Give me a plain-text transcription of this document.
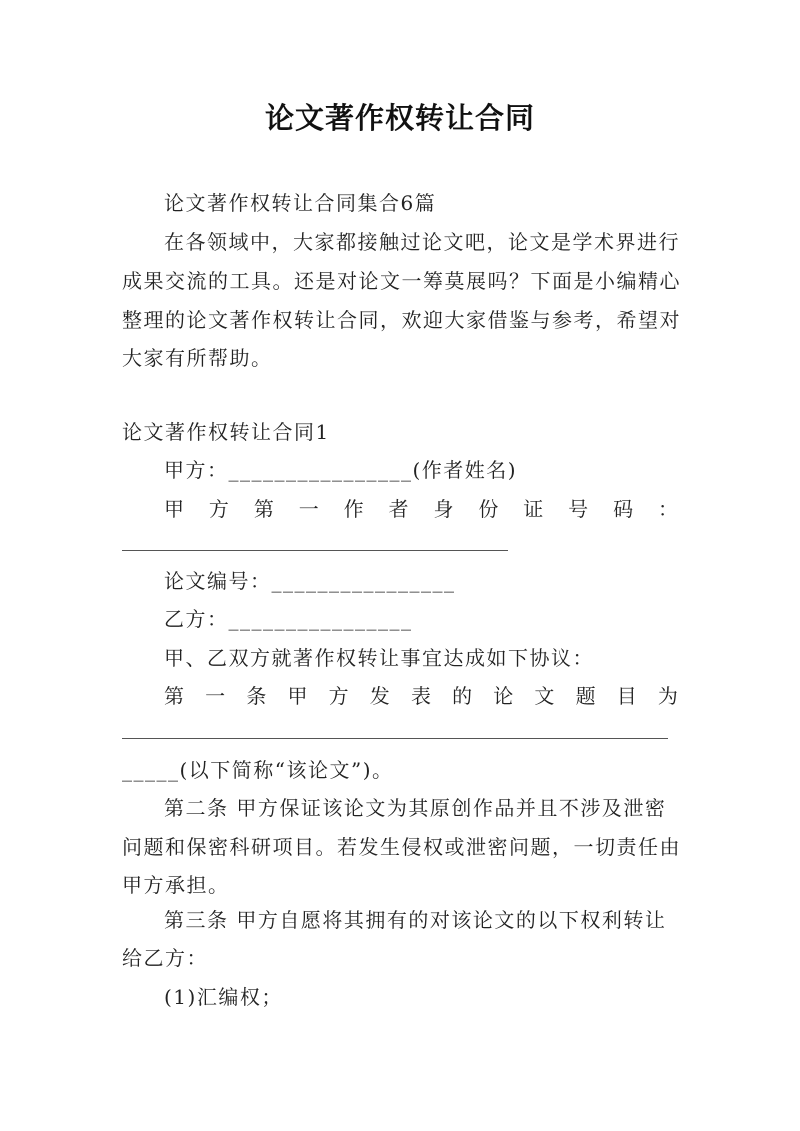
论文著作权转让合同
论文著作权转让合同集合6篇
在各领域中，大家都接触过论文吧，论文是学术界进行
成果交流的工具。还是对论文一筹莫展吗？下面是小编精心
整理的论文著作权转让合同，欢迎大家借鉴与参考，希望对
大家有所帮助。
论文著作权转让合同1
甲方：________________(作者姓名)
甲 方 第 一 作 者 身 份 证 号 码 ：
论文编号：________________
乙方：________________
甲、乙双方就著作权转让事宜达成如下协议：
第 一 条 甲 方 发 表 的 论 文 题 目 为
_____(以下简称“该论文”)。
第二条 甲方保证该论文为其原创作品并且不涉及泄密
问题和保密科研项目。若发生侵权或泄密问题，一切责任由
甲方承担。
第三条 甲方自愿将其拥有的对该论文的以下权利转让
给乙方：
(1)汇编权；
